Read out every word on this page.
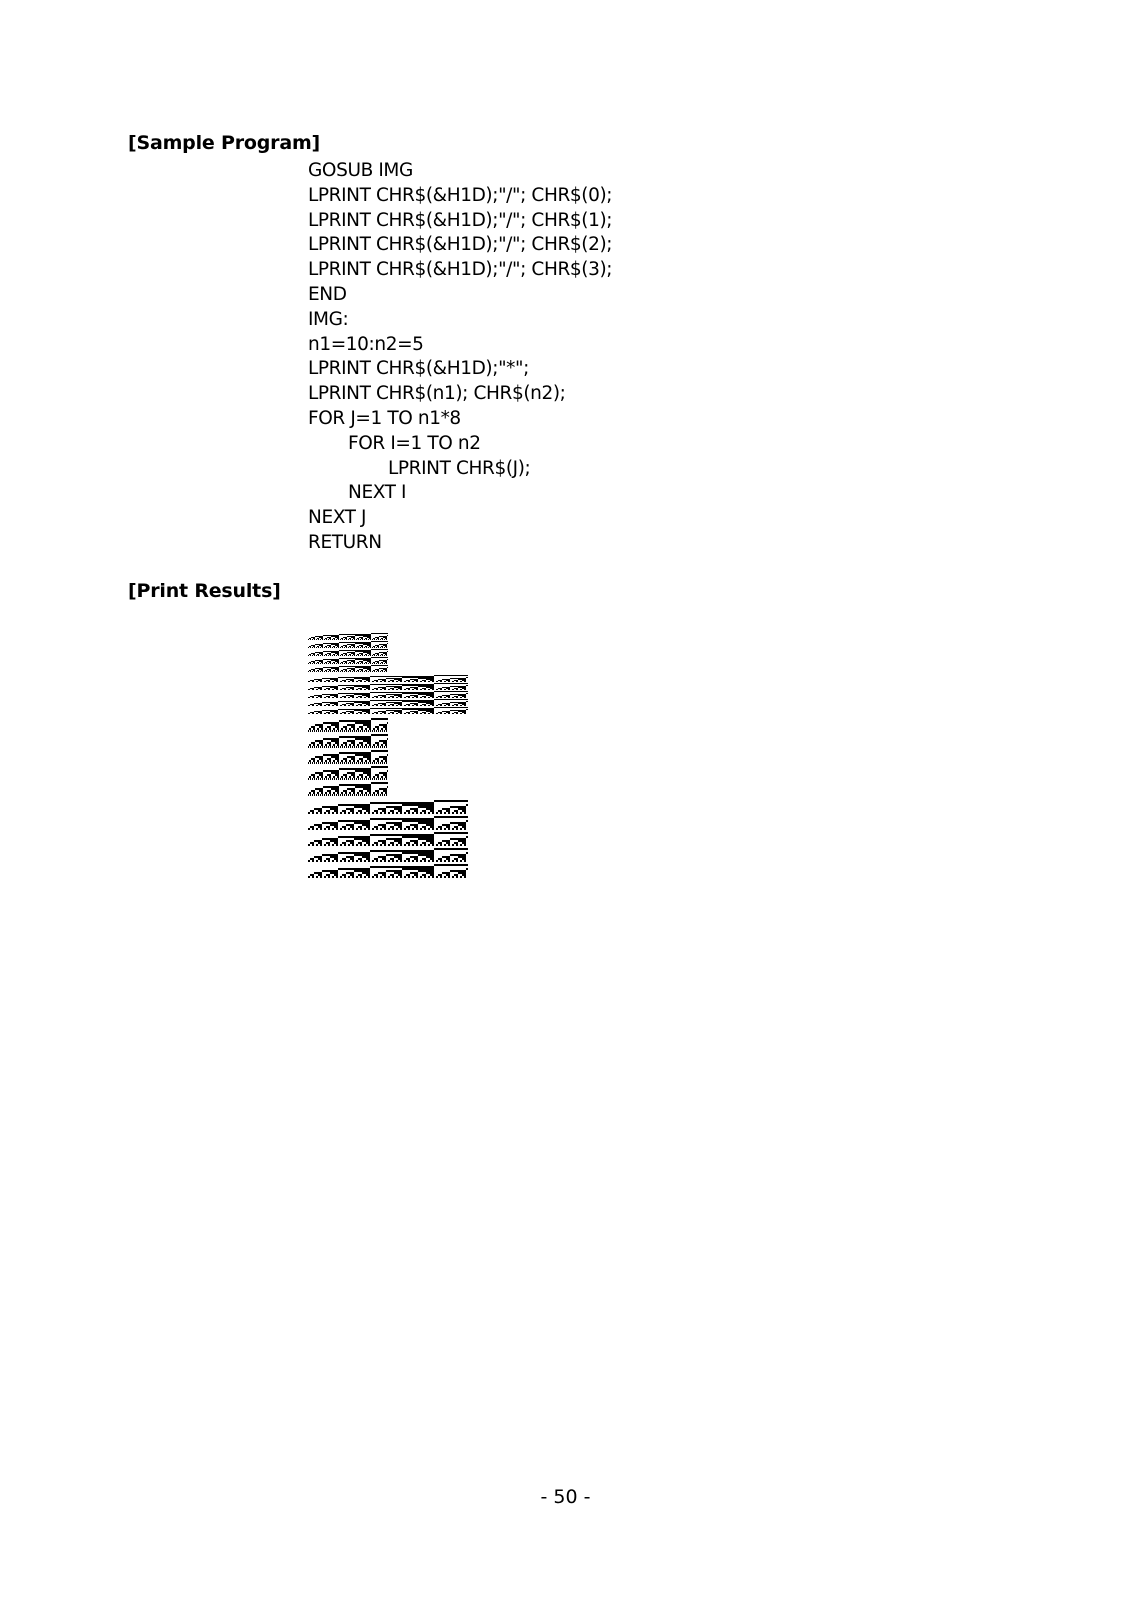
[Sample Program]
GOSUB IMG
LPRINT CHR$(&H1D);"/"; CHR$(0);
LPRINT CHR$(&H1D);"/"; CHR$(1);
LPRINT CHR$(&H1D);"/"; CHR$(2);
LPRINT CHR$(&H1D);"/"; CHR$(3);
END
IMG:
n1=10:n2=5
LPRINT CHR$(&H1D);"*";
LPRINT CHR$(n1); CHR$(n2);
FOR J=1 TO n1*8
FOR I=1 TO n2
LPRINT CHR$(J);
NEXT I
NEXT J
RETURN
[Print Results]
- 50 -
